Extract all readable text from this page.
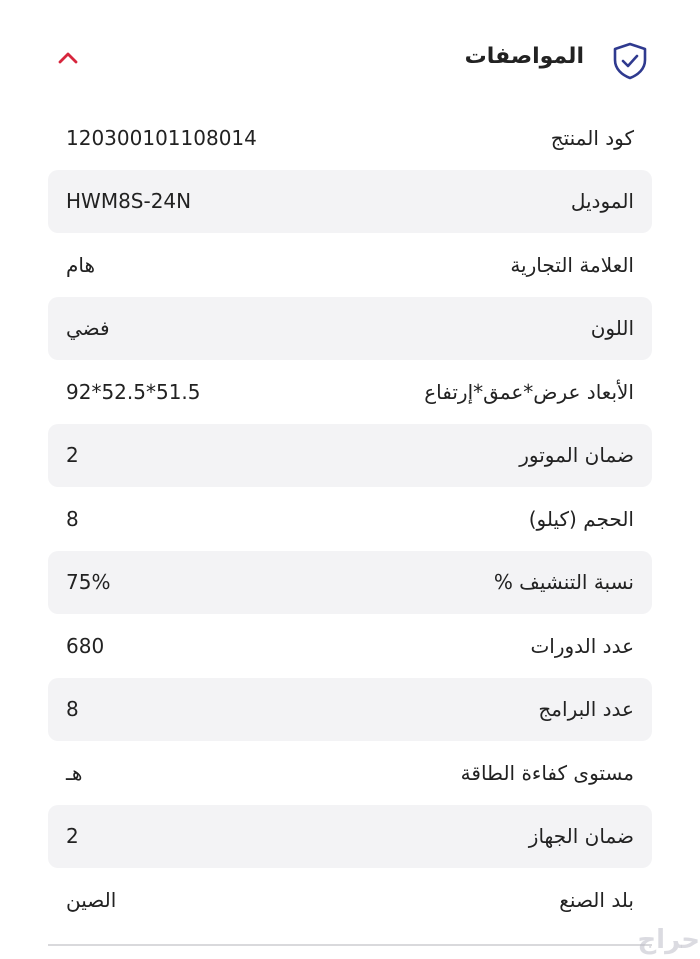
المواصفات
كود المنتج
120300101108014
الموديل
HWM8S-24N
العلامة التجارية
هام
اللون
فضي
الأبعاد عرض*عمق*إرتفاع
92*52.5*51.5
ضمان الموتور
2
الحجم (كيلو)
8
نسبة التنشيف %
75%
عدد الدورات
680
عدد البرامج
8
مستوى كفاءة الطاقة
هـ
ضمان الجهاز
2
بلد الصنع
الصين
حراج
